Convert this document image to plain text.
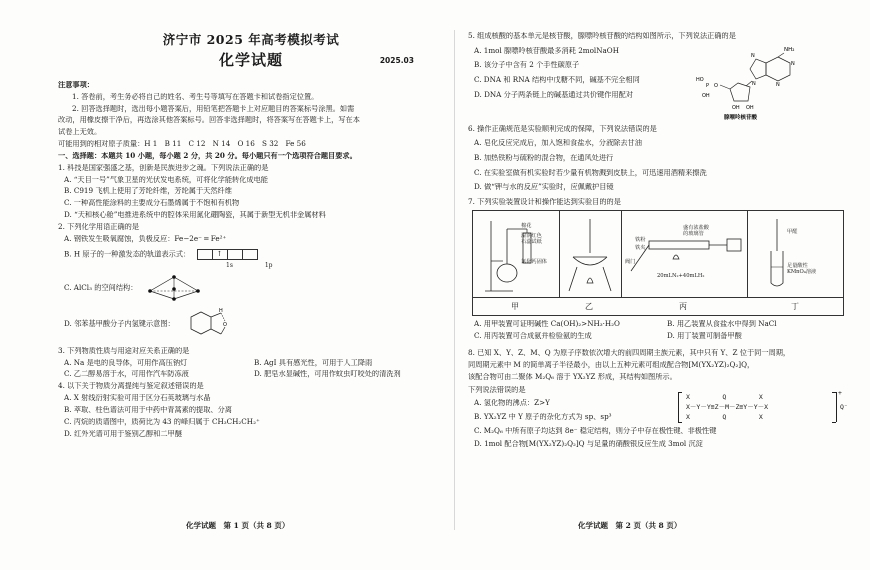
济宁市 2025 年高考模拟考试
化学试题	2025.03
注意事项：
1. 答卷前，考生务必将自己的姓名、考生号等填写在答题卡和试卷指定位置。
2. 回答选择题时，选出每小题答案后，用铅笔把答题卡上对应题目的答案标号涂黑。如需
改动，用橡皮擦干净后，再选涂其他答案标号。回答非选择题时，将答案写在答题卡上，写在本
试卷上无效。
可能用到的相对原子质量：H 1　B 11　C 12　N 14　O 16　S 32　Fe 56
一、选择题：本题共 10 小题，每小题 2 分，共 20 分。每小题只有一个选项符合题目要求。
1. 科技是国家强盛之基，创新是民族进步之魂。下列说法正确的是
A. “天目一号”气象卫星的光伏发电系统，可将化学能转化成电能
B. C919 飞机上使用了芳纶纤维，芳纶属于天然纤维
C. 一种高性能涂料的主要成分石墨烯属于不饱和有机物
D. “天和核心舱”电推进系统中的腔体采用氮化硼陶瓷，其属于新型无机非金属材料
2. 下列化学用语正确的是
A. 钢铁发生吸氧腐蚀，负极反应：Fe−2e⁻ ═ Fe²⁺
B. H 原子的一种激发态的轨道表示式：	↑
1s	1p
C. AlCl₃ 的空间结构：
D. 邻苯基甲酸分子内氢键示意图：
H
O
3. 下列物质性质与用途对应关系正确的是
A. Na 是电的良导体，可用作高压钠灯	B. AgI 具有感光性，可用于人工降雨
C. 乙二醇易溶于水，可用作汽车防冻液	D. 肥皂水显碱性，可用作蚊虫叮咬处的清洗剂
4. 以下关于物质分离提纯与鉴定叙述错误的是
A. X 射线衍射实验可用于区分石英玻璃与水晶
B. 萃取、柱色谱法可用于中药中青蒿素的提取、分离
C. 丙烷的质谱图中，质荷比为 43 的峰归属于 CH₃CH₂CH₂⁺
D. 红外光谱可用于鉴别乙醇和二甲醚
化学试题　第 1 页（共 8 页）
5. 组成核酸的基本单元是核苷酸，腺嘌呤核苷酸的结构如图所示，下列说法正确的是
A. 1mol 腺嘌呤核苷酸最多消耗 2molNaOH
B. 该分子中含有 2 个手性碳原子
C. DNA 和 RNA 结构中戊糖不同，碱基不完全相同
D. DNA 分子两条链上的碱基通过共价键作用配对
NH₂
N
N
N
N
HO
P O
OH
OH OH
腺嘌呤核苷酸
6. 操作正确规范是实验顺利完成的保障，下列说法错误的是
A. 皂化反应完成后，加入饱和食盐水，分液除去甘油
B. 加热铁粉与硫粉的混合物，在通风处进行
C. 在实验室做有机实验时若少量有机物溅到皮肤上，可迅速用酒精来擦洗
D. 做“钾与水的反应”实验时，应佩戴护目镜
7. 下列实验装置设计和操作能达到实验目的的是
棉花
湿润红色
石蕊试纸
氯化钙固体
铁粉
铁夹
阀门
盛有浓盐酸
的玻璃管
20mLN₂+40mLH₂
甲醛
足量酸性
KMnO₄溶液
甲	乙	丙	丁
A. 用甲装置可证明碱性 Ca(OH)₂>NH₃·H₂O	B. 用乙装置从食盐水中得到 NaCl
C. 用丙装置可合成氨并检验氨的生成	D. 用丁装置可制备甲酸
8. 已知 X、Y、Z、M、Q 为原子序数依次增大的前四周期主族元素，其中只有 Y、Z 位于同一周期，
同周期元素中 M 的简单离子半径最小，由以上五种元素可组成配合物[M(YX₂YZ)₂Q₂]Q，
该配合物可由二聚体 M₂Q₆ 溶于 YX₂YZ 形成，其结构如图所示。
下列说法错误的是
A. 氢化物的沸点：Z>Y
B. YX₂YZ 中 Y 原子的杂化方式为 sp、sp³
X　　　　　Q　　　　　X
X－Y－Y≡Z－M－Z≡Y－Y－X
X　　　　　Q　　　　　X
+
Q⁻
C. M₂Q₆ 中所有原子均达到 8e⁻ 稳定结构，则分子中存在极性键、非极性键
D. 1mol 配合物[M(YX₂YZ)₂Q₂]Q 与足量的硝酸银反应生成 3mol 沉淀
化学试题　第 2 页（共 8 页）
